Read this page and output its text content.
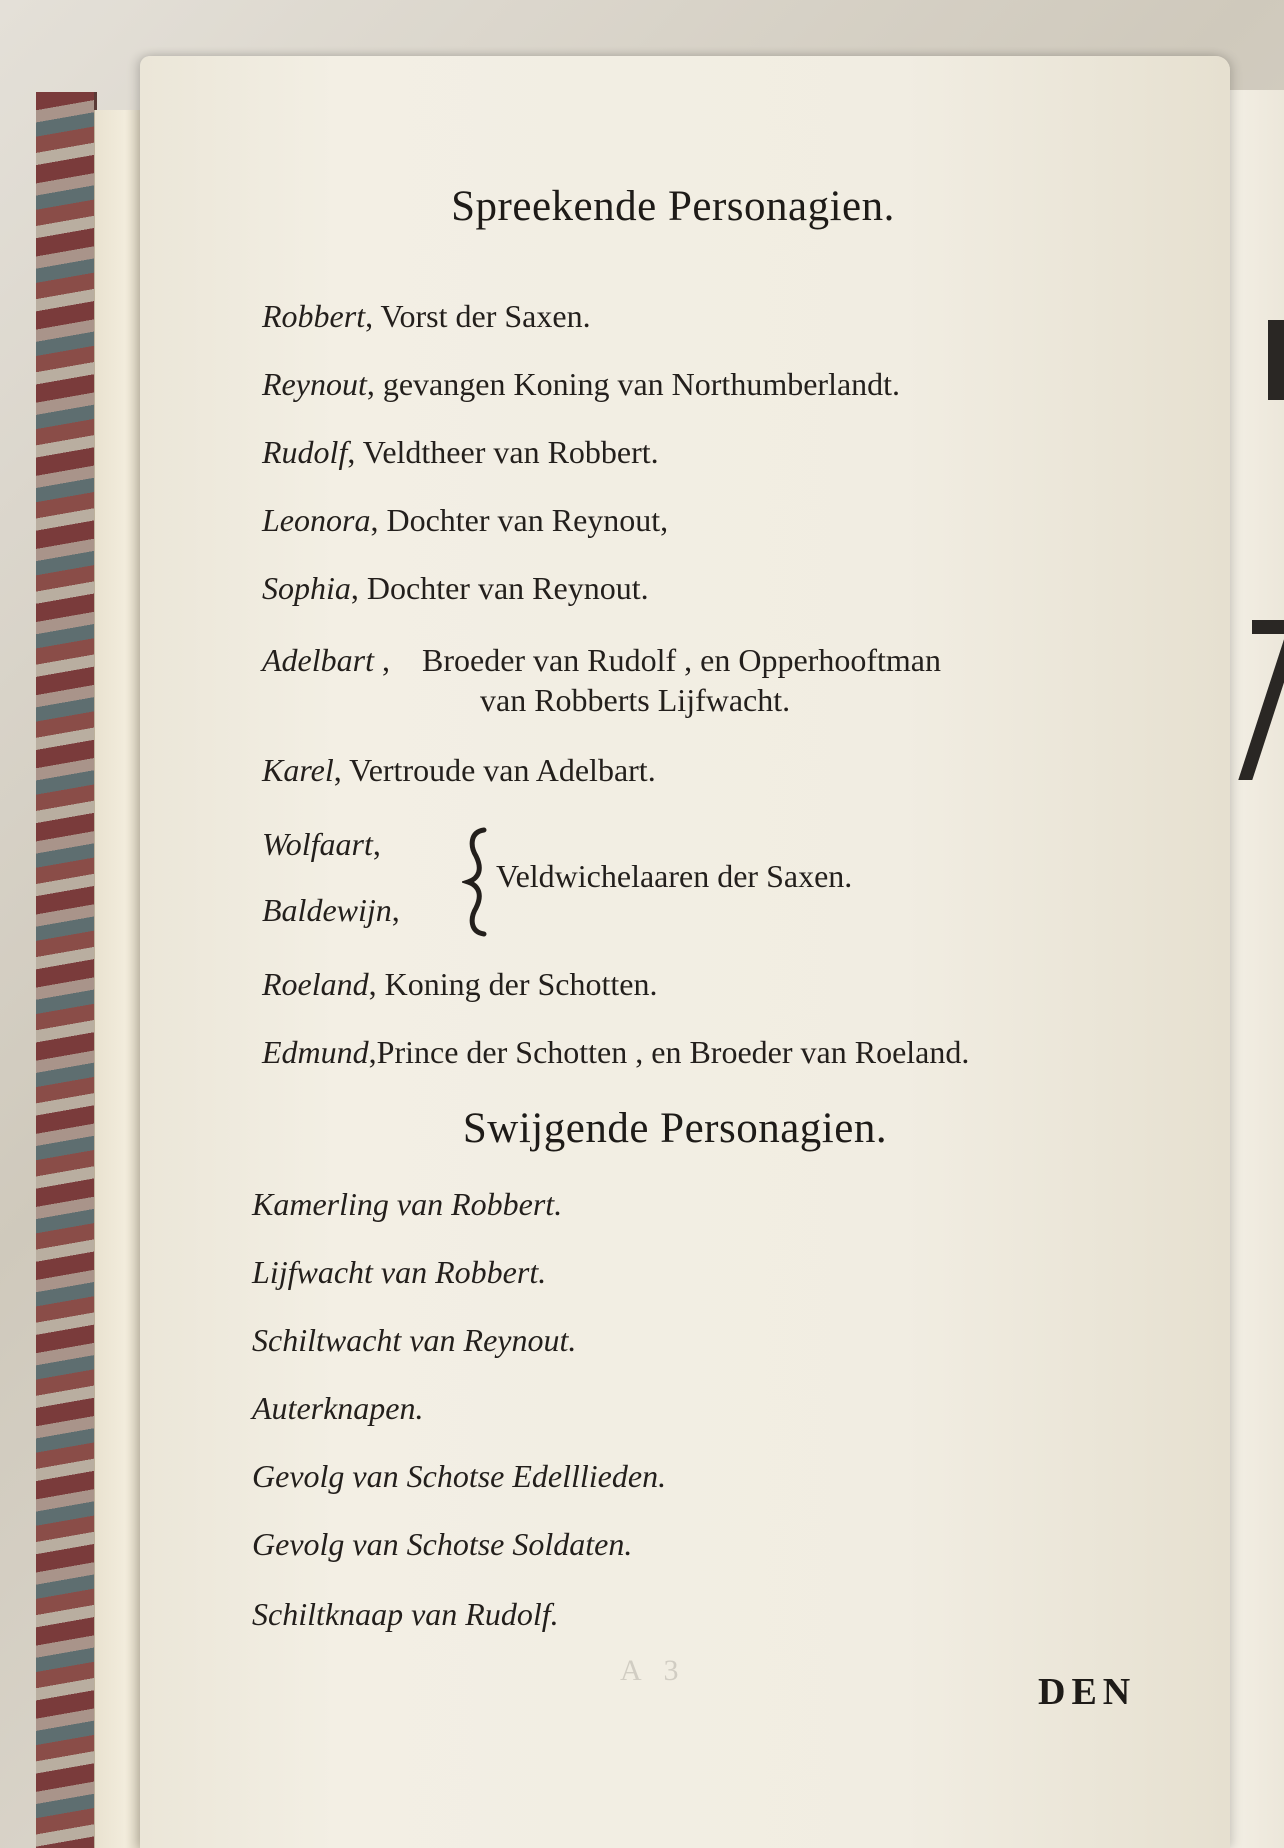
Spreekende Personagien.
Robbert, Vorst der Saxen.
Reynout, gevangen Koning van Northumberlandt.
Rudolf, Veldtheer van Robbert.
Leonora, Dochter van Reynout,
Sophia, Dochter van Reynout.
Adelbart ,    Broeder van Rudolf , en Opperhooftman
van Robberts Lijfwacht.
Karel, Vertroude van Adelbart.
Wolfaart,
Baldewijn,
Veldwichelaaren der Saxen.
Roeland, Koning der Schotten.
Edmund,Prince der Schotten , en Broeder van Roeland.
Swijgende Personagien.
Kamerling van Robbert.
Lijfwacht van Robbert.
Schiltwacht van Reynout.
Auterknapen.
Gevolg van Schotse Edelllieden.
Gevolg van Schotse Soldaten.
Schiltknaap van Rudolf.
A 3
DEN
